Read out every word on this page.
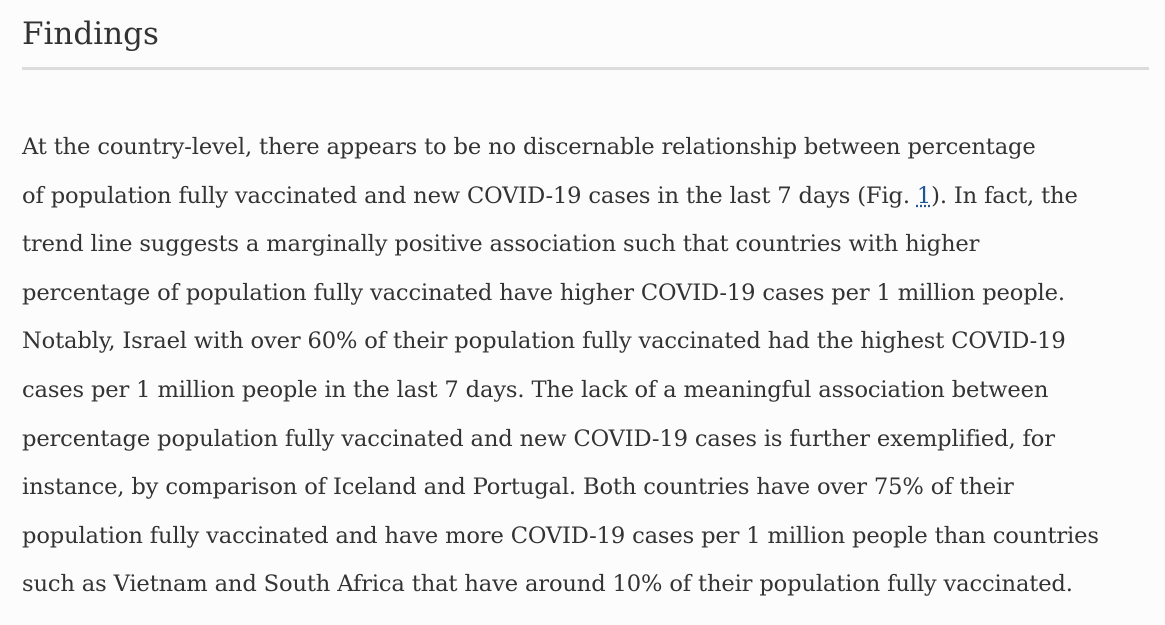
Findings

At the country-level, there appears to be no discernable relationship between percentage
of population fully vaccinated and new COVID-19 cases in the last 7 days (Fig. 1). In fact, the
trend line suggests a marginally positive association such that countries with higher
percentage of population fully vaccinated have higher COVID-19 cases per 1 million people.
Notably, Israel with over 60% of their population fully vaccinated had the highest COVID-19
cases per 1 million people in the last 7 days. The lack of a meaningful association between
percentage population fully vaccinated and new COVID-19 cases is further exemplified, for
instance, by comparison of Iceland and Portugal. Both countries have over 75% of their
population fully vaccinated and have more COVID-19 cases per 1 million people than countries
such as Vietnam and South Africa that have around 10% of their population fully vaccinated.
